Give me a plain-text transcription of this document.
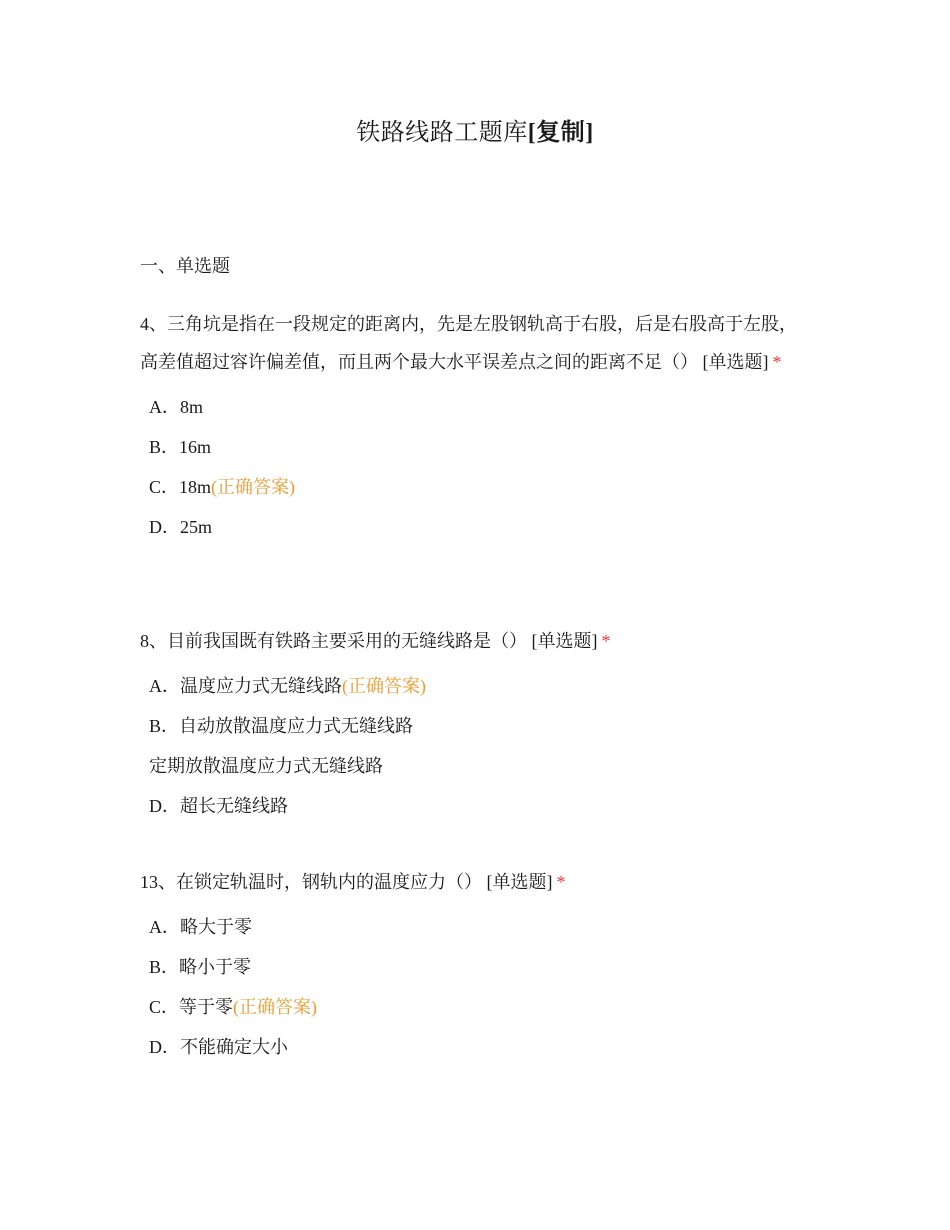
铁路线路工题库[复制]
一、单选题

4、三角坑是指在一段规定的距离内，先是左股钢轨高于右股，后是右股高于左股，高差值超过容许偏差值，而且两个最大水平误差点之间的距离不足（） [单选题] *

A．8m
B．16m
C．18m(正确答案)
D．25m

8、目前我国既有铁路主要采用的无缝线路是（） [单选题] *

A．温度应力式无缝线路(正确答案)
B．自动放散温度应力式无缝线路
定期放散温度应力式无缝线路
D．超长无缝线路

13、在锁定轨温时，钢轨内的温度应力（） [单选题] *

A．略大于零
B．略小于零
C．等于零(正确答案)
D．不能确定大小
